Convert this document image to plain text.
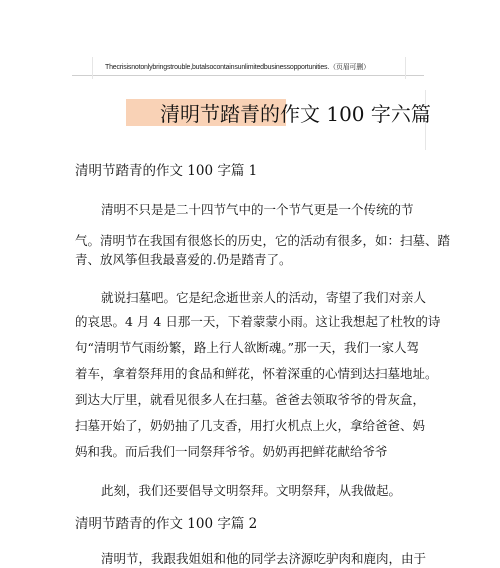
Thecrisisnotonlybringstrouble,butalsocontainsunlimitedbusinessopportunities.（页眉可删）
清明节踏青的作文 100 字六篇
清明节踏青的作文 100 字篇 1
清明不只是是二十四节气中的一个节气更是一个传统的节
气。清明节在我国有很悠长的历史，它的活动有很多，如：扫墓、踏
青、放风筝但我最喜爱的.仍是踏青了。
就说扫墓吧。它是纪念逝世亲人的活动，寄望了我们对亲人
的哀思。4 月 4 日那一天，下着蒙蒙小雨。这让我想起了杜牧的诗
句“清明节气雨纷繁，路上行人欲断魂。”那一天，我们一家人驾
着车，拿着祭拜用的食品和鲜花，怀着深重的心情到达扫墓地址。
到达大厅里，就看见很多人在扫墓。爸爸去领取爷爷的骨灰盒，
扫墓开始了，奶奶抽了几支香，用打火机点上火，拿给爸爸、妈
妈和我。而后我们一同祭拜爷爷。奶奶再把鲜花献给爷爷
此刻，我们还要倡导文明祭拜。文明祭拜，从我做起。
清明节踏青的作文 100 字篇 2
清明节，我跟我姐姐和他的同学去济源吃驴肉和鹿肉，由于
